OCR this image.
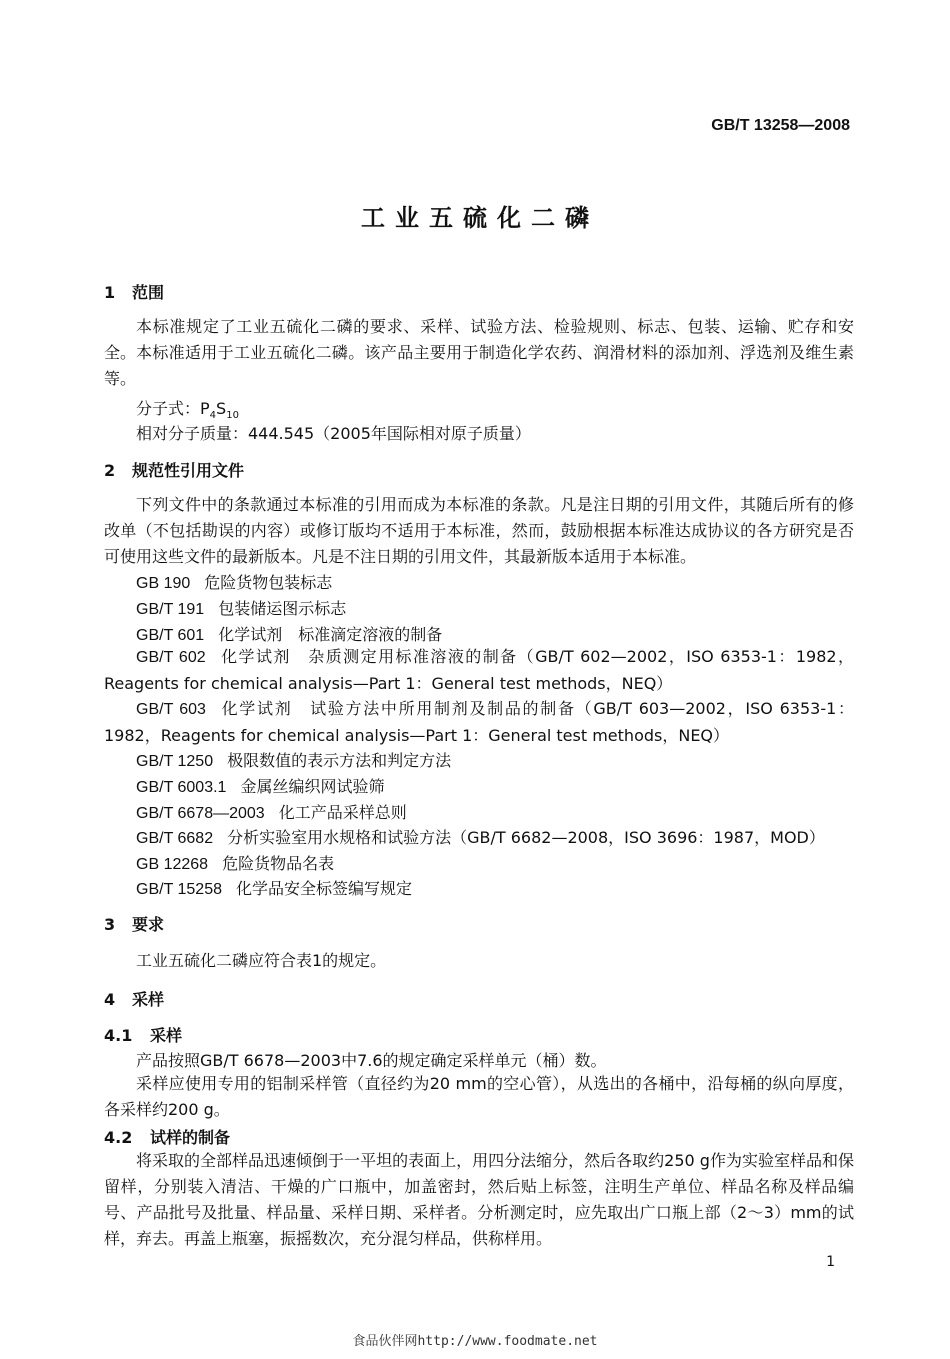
GB/T 13258—2008
工业五硫化二磷
1 范围
本标准规定了工业五硫化二磷的要求、采样、试验方法、检验规则、标志、包装、运输、贮存和安全。 本标准适用于工业五硫化二磷。该产品主要用于制造化学农药、润滑材料的添加剂、浮选剂及维生素等。
分子式：$P_4S_{10}$
相对分子质量：444.545（2005年国际相对原子质量）
2 规范性引用文件
下列文件中的条款通过本标准的引用而成为本标准的条款。凡是注日期的引用文件，其随后所有的修改单（不包括勘误的内容）或修订版均不适用于本标准，然而，鼓励根据本标准达成协议的各方研究是否可使用这些文件的最新版本。凡是不注日期的引用文件，其最新版本适用于本标准。
GB 190 危险货物包装标志
GB/T 191 包装储运图示标志
GB/T 601 化学试剂　标准滴定溶液的制备
GB/T 602 化学试剂　杂质测定用标准溶液的制备（GB/T 602—2002，ISO 6353-1：1982，Reagents for chemical analysis—Part 1：General test methods，NEQ）
GB/T 603 化学试剂　试验方法中所用制剂及制品的制备（GB/T 603—2002，ISO 6353-1：1982，Reagents for chemical analysis—Part 1：General test methods，NEQ）
GB/T 1250 极限数值的表示方法和判定方法
GB/T 6003.1 金属丝编织网试验筛
GB/T 6678—2003 化工产品采样总则
GB/T 6682 分析实验室用水规格和试验方法（GB/T 6682—2008，ISO 3696：1987，MOD）
GB 12268 危险货物品名表
GB/T 15258 化学品安全标签编写规定
3 要求
工业五硫化二磷应符合表1的规定。
4 采样
4.1 采样
产品按照GB/T 6678—2003中7.6的规定确定采样单元（桶）数。
采样应使用专用的铝制采样管（直径约为20 mm的空心管），从选出的各桶中，沿每桶的纵向厚度，各采样约200 g。
4.2 试样的制备
将采取的全部样品迅速倾倒于一平坦的表面上，用四分法缩分，然后各取约250 g作为实验室样品和保留样，分别装入清洁、干燥的广口瓶中，加盖密封，然后贴上标签，注明生产单位、样品名称及样品编号、产品批号及批量、样品量、采样日期、采样者。分析测定时，应先取出广口瓶上部（2～3）mm的试样，弃去。再盖上瓶塞，振摇数次，充分混匀样品，供称样用。
1
食品伙伴网http://www.foodmate.net
